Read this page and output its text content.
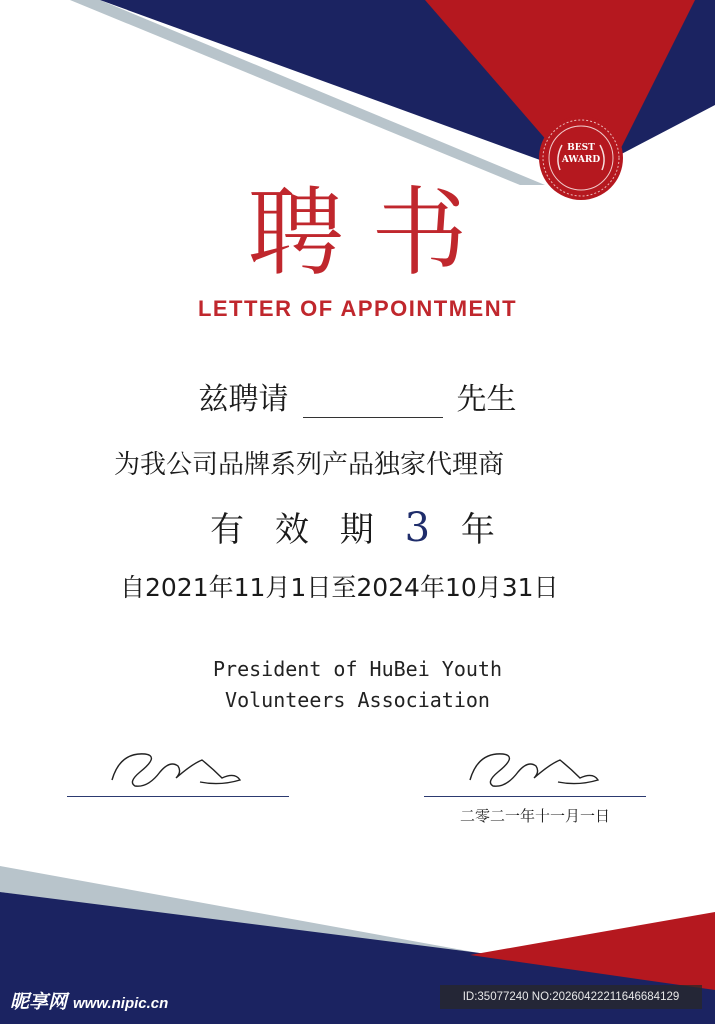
BEST
AWARD
聘书
LETTER OF APPOINTMENT
兹聘请	先生
为我公司品牌系列产品独家代理商
有 效 期 3 年
自2021年11月1日至2024年10月31日
President of HuBei Youth
Volunteers Association
二零二一年十一月一日
昵享网 www.nipic.cn	ID:35077240 NO:20260422211646684129
